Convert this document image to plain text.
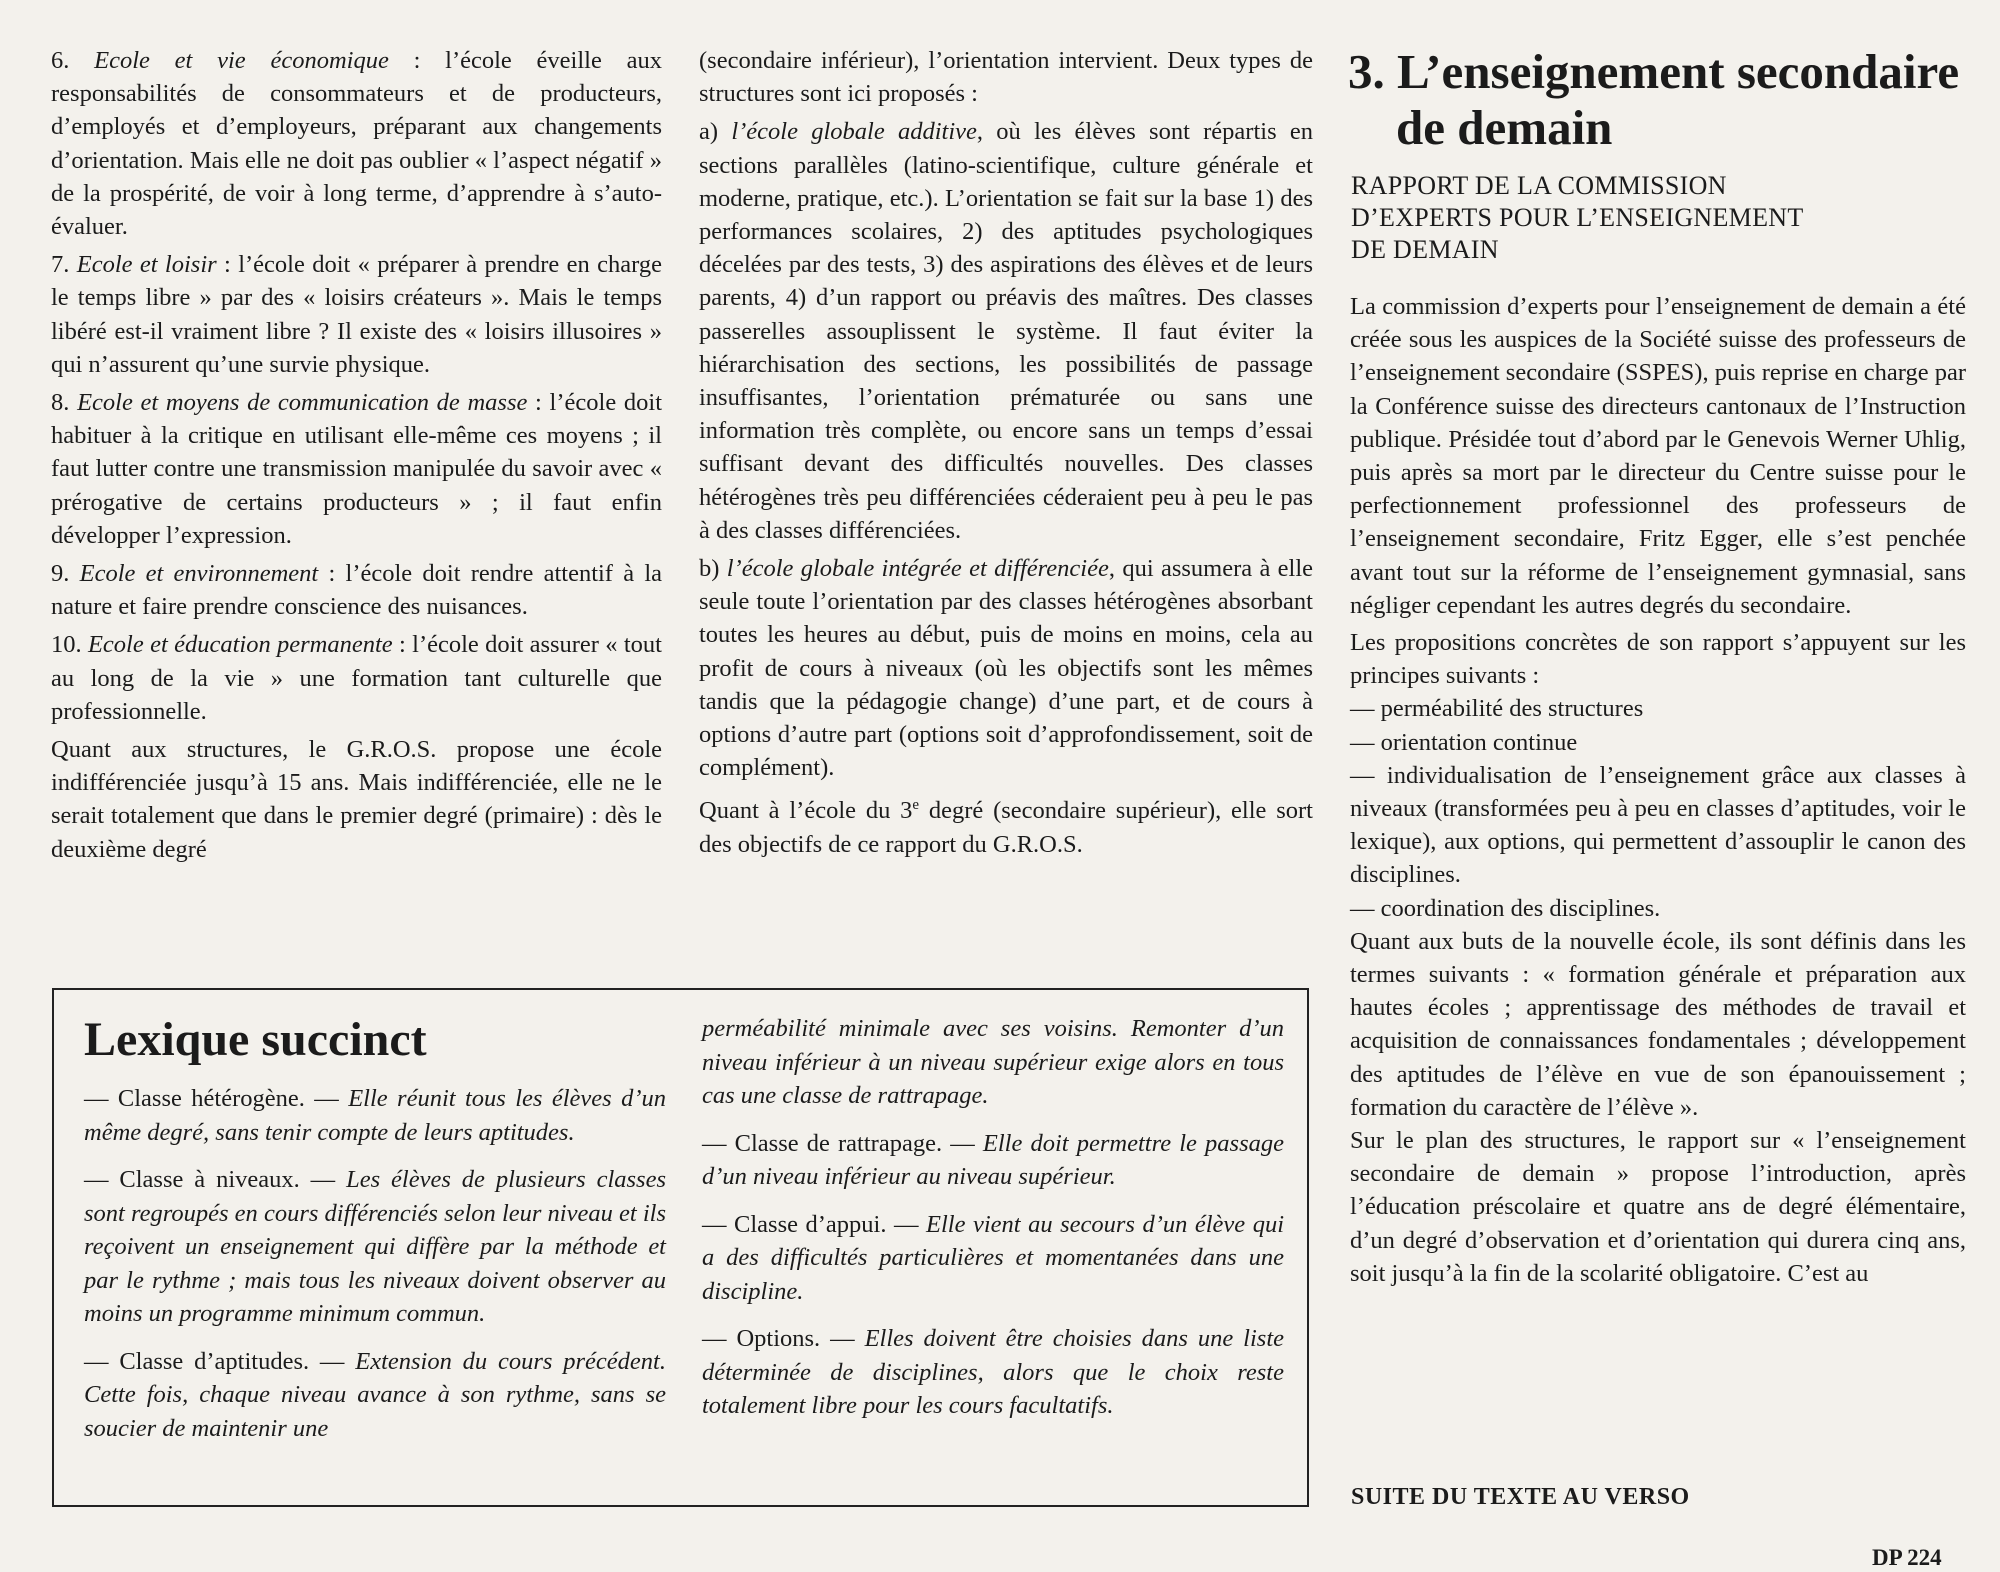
6. Ecole et vie économique : l’école éveille aux responsabilités de consommateurs et de producteurs, d’employés et d’employeurs, préparant aux changements d’orientation. Mais elle ne doit pas oublier « l’aspect négatif » de la prospérité, de voir à long terme, d’apprendre à s’auto-évaluer.

7. Ecole et loisir : l’école doit « préparer à prendre en charge le temps libre » par des « loisirs créateurs ». Mais le temps libéré est-il vraiment libre ? Il existe des « loisirs illusoires » qui n’assurent qu’une survie physique.

8. Ecole et moyens de communication de masse : l’école doit habituer à la critique en utilisant elle-même ces moyens ; il faut lutter contre une transmission manipulée du savoir avec « prérogative de certains producteurs » ; il faut enfin développer l’expression.

9. Ecole et environnement : l’école doit rendre attentif à la nature et faire prendre conscience des nuisances.

10. Ecole et éducation permanente : l’école doit assurer « tout au long de la vie » une formation tant culturelle que professionnelle.

Quant aux structures, le G.R.O.S. propose une école indifférenciée jusqu’à 15 ans. Mais indifférenciée, elle ne le serait totalement que dans le premier degré (primaire) : dès le deuxième degré

(secondaire inférieur), l’orientation intervient. Deux types de structures sont ici proposés :

a) l’école globale additive, où les élèves sont répartis en sections parallèles (latino-scientifique, culture générale et moderne, pratique, etc.). L’orientation se fait sur la base 1) des performances scolaires, 2) des aptitudes psychologiques décelées par des tests, 3) des aspirations des élèves et de leurs parents, 4) d’un rapport ou préavis des maîtres. Des classes passerelles assouplissent le système. Il faut éviter la hiérarchisation des sections, les possibilités de passage insuffisantes, l’orientation prématurée ou sans une information très complète, ou encore sans un temps d’essai suffisant devant des difficultés nouvelles. Des classes hétérogènes très peu différenciées céderaient peu à peu le pas à des classes différenciées.

b) l’école globale intégrée et différenciée, qui assumera à elle seule toute l’orientation par des classes hétérogènes absorbant toutes les heures au début, puis de moins en moins, cela au profit de cours à niveaux (où les objectifs sont les mêmes tandis que la pédagogie change) d’une part, et de cours à options d’autre part (options soit d’approfondissement, soit de complément).

Quant à l’école du 3e degré (secondaire supérieur), elle sort des objectifs de ce rapport du G.R.O.S.

3. L’enseignement secondaire
de demain
RAPPORT DE LA COMMISSION
D’EXPERTS POUR L’ENSEIGNEMENT
DE DEMAIN

La commission d’experts pour l’enseignement de demain a été créée sous les auspices de la Société suisse des professeurs de l’enseignement secondaire (SSPES), puis reprise en charge par la Conférence suisse des directeurs cantonaux de l’Instruction publique. Présidée tout d’abord par le Genevois Werner Uhlig, puis après sa mort par le directeur du Centre suisse pour le perfectionnement professionnel des professeurs de l’enseignement secondaire, Fritz Egger, elle s’est penchée avant tout sur la réforme de l’enseignement gymnasial, sans négliger cependant les autres degrés du secondaire.

Les propositions concrètes de son rapport s’appuyent sur les principes suivants :

— perméabilité des structures

— orientation continue

— individualisation de l’enseignement grâce aux classes à niveaux (transformées peu à peu en classes d’aptitudes, voir le lexique), aux options, qui permettent d’assouplir le canon des disciplines.

— coordination des disciplines.

Quant aux buts de la nouvelle école, ils sont définis dans les termes suivants : « formation générale et préparation aux hautes écoles ; apprentissage des méthodes de travail et acquisition de connaissances fondamentales ; développement des aptitudes de l’élève en vue de son épanouissement ; formation du caractère de l’élève ».

Sur le plan des structures, le rapport sur « l’enseignement secondaire de demain » propose l’introduction, après l’éducation préscolaire et quatre ans de degré élémentaire, d’un degré d’observation et d’orientation qui durera cinq ans, soit jusqu’à la fin de la scolarité obligatoire. C’est au

Lexique succinct

— Classe hétérogène. — Elle réunit tous les élèves d’un même degré, sans tenir compte de leurs aptitudes.

— Classe à niveaux. — Les élèves de plusieurs classes sont regroupés en cours différenciés selon leur niveau et ils reçoivent un enseignement qui diffère par la méthode et par le rythme ; mais tous les niveaux doivent observer au moins un programme minimum commun.

— Classe d’aptitudes. — Extension du cours précédent. Cette fois, chaque niveau avance à son rythme, sans se soucier de maintenir une

perméabilité minimale avec ses voisins. Remonter d’un niveau inférieur à un niveau supérieur exige alors en tous cas une classe de rattrapage.

— Classe de rattrapage. — Elle doit permettre le passage d’un niveau inférieur au niveau supérieur.

— Classe d’appui. — Elle vient au secours d’un élève qui a des difficultés particulières et momentanées dans une discipline.

— Options. — Elles doivent être choisies dans une liste déterminée de disciplines, alors que le choix reste totalement libre pour les cours facultatifs.

SUITE DU TEXTE AU VERSO

DP 224
